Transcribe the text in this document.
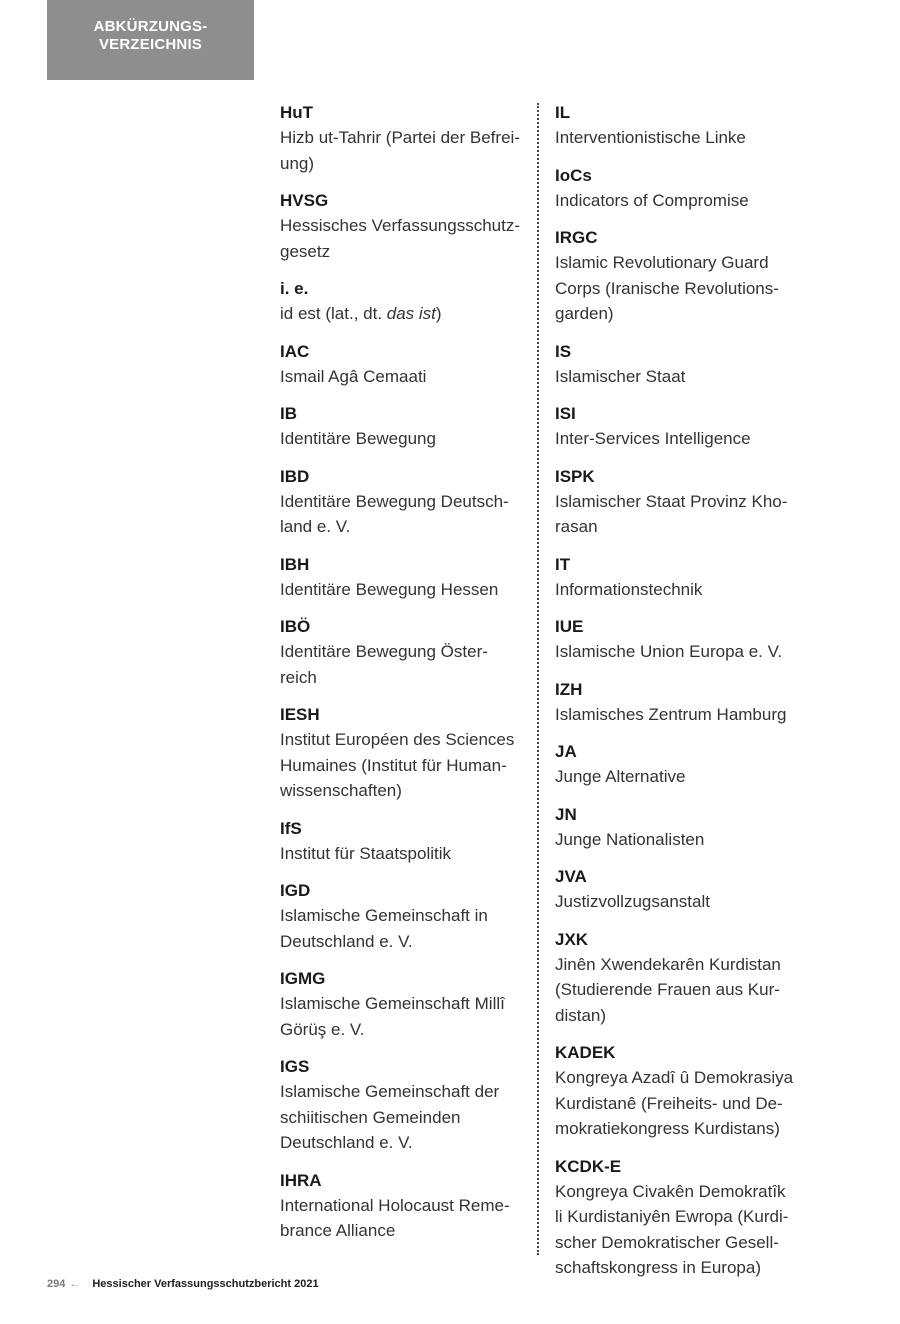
ABKÜRZUNGS-
VERZEICHNIS
HuT
Hizb ut-Tahrir (Partei der Befrei-
ung)
HVSG
Hessisches Verfassungsschutz-
gesetz
i. e.
id est (lat., dt. das ist)
IAC
Ismail Agâ Cemaati
IB
Identitäre Bewegung
IBD
Identitäre Bewegung Deutsch-
land e. V.
IBH
Identitäre Bewegung Hessen
IBÖ
Identitäre Bewegung Öster-
reich
IESH
Institut Européen des Sciences
Humaines (Institut für Human-
wissenschaften)
IfS
Institut für Staatspolitik
IGD
Islamische Gemeinschaft in
Deutschland e. V.
IGMG
Islamische Gemeinschaft Millî
Görüş e. V.
IGS
Islamische Gemeinschaft der
schiitischen Gemeinden
Deutschland e. V.
IHRA
International Holocaust Reme-
brance Alliance
IL
Interventionistische Linke
IoCs
Indicators of Compromise
IRGC
Islamic Revolutionary Guard
Corps (Iranische Revolutions-
garden)
IS
Islamischer Staat
ISI
Inter-Services Intelligence
ISPK
Islamischer Staat Provinz Kho-
rasan
IT
Informationstechnik
IUE
Islamische Union Europa e. V.
IZH
Islamisches Zentrum Hamburg
JA
Junge Alternative
JN
Junge Nationalisten
JVA
Justizvollzugsanstalt
JXK
Jinên Xwendekarên Kurdistan
(Studierende Frauen aus Kur-
distan)
KADEK
Kongreya Azadî û Demokrasiya
Kurdistanê (Freiheits- und De-
mokratiekongress Kurdistans)
KCDK-E
Kongreya Civakên Demokratîk
li Kurdistaniyên Ewropa (Kurdi-
scher Demokratischer Gesell-
schaftskongress in Europa)
294 ← Hessischer Verfassungsschutzbericht 2021
